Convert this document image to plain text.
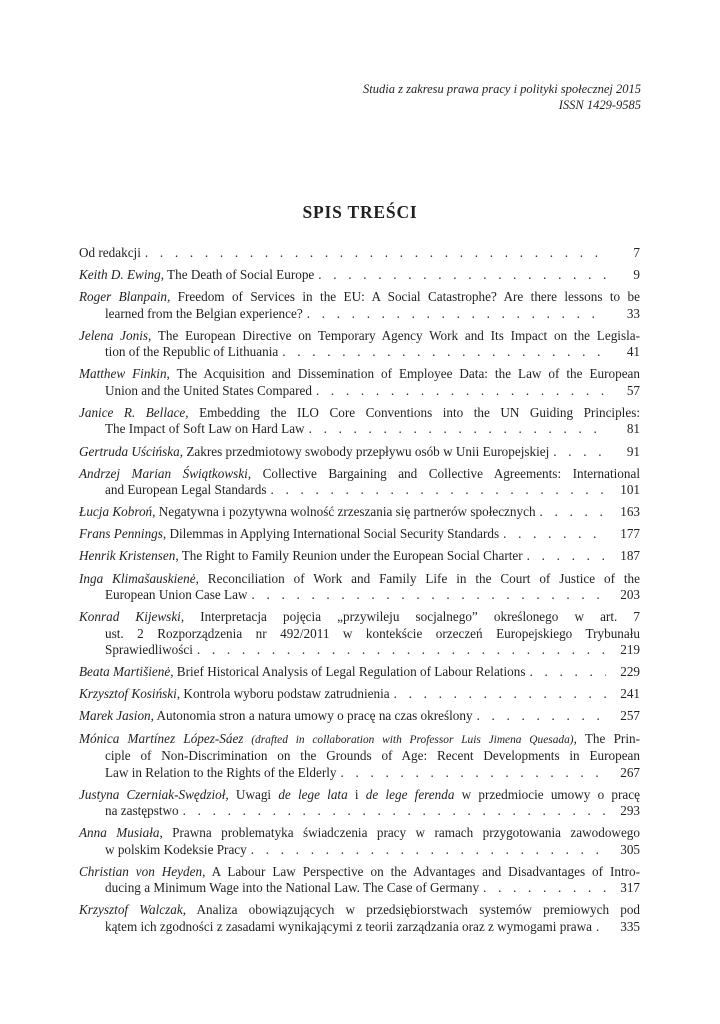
Studia z zakresu prawa pracy i polityki społecznej 2015
ISSN 1429-9585
SPIS TREŚCI
Od redakcji . . .	7
Keith D. Ewing, The Death of Social Europe . . .	9
Roger Blanpain, Freedom of Services in the EU: A Social Catastrophe? Are there lessons to be
learned from the Belgian experience? . . .	33
Jelena Jonis, The European Directive on Temporary Agency Work and Its Impact on the Legisla-
tion of the Republic of Lithuania . . .	41
Matthew Finkin, The Acquisition and Dissemination of Employee Data: the Law of the European
Union and the United States Compared . . .	57
Janice R. Bellace, Embedding the ILO Core Conventions into the UN Guiding Principles:
The Impact of Soft Law on Hard Law . . .	81
Gertruda Uścińska, Zakres przedmiotowy swobody przepływu osób w Unii Europejskiej . . .	91
Andrzej Marian Świątkowski, Collective Bargaining and Collective Agreements: International
and European Legal Standards . . .	101
Łucja Kobroń, Negatywna i pozytywna wolność zrzeszania się partnerów społecznych . . .	163
Frans Pennings, Dilemmas in Applying International Social Security Standards . . .	177
Henrik Kristensen, The Right to Family Reunion under the European Social Charter . . .	187
Inga Klimašauskienė, Reconciliation of Work and Family Life in the Court of Justice of the
European Union Case Law . . .	203
Konrad Kijewski, Interpretacja pojęcia „przywileju socjalnego” określonego w art. 7
ust. 2 Rozporządzenia nr 492/2011 w kontekście orzeczeń Europejskiego Trybunału
Sprawiedliwości . . .	219
Beata Martišienė, Brief Historical Analysis of Legal Regulation of Labour Relations . . .	229
Krzysztof Kosiński, Kontrola wyboru podstaw zatrudnienia . . .	241
Marek Jasion, Autonomia stron a natura umowy o pracę na czas określony . . .	257
Mónica Martínez López-Sáez (drafted in collaboration with Professor Luis Jimena Quesada), The Prin-
ciple of Non-Discrimination on the Grounds of Age: Recent Developments in European
Law in Relation to the Rights of the Elderly . . .	267
Justyna Czerniak-Swędzioł, Uwagi de lege lata i de lege ferenda w przedmiocie umowy o pracę
na zastępstwo . . .	293
Anna Musiała, Prawna problematyka świadczenia pracy w ramach przygotowania zawodowego
w polskim Kodeksie Pracy . . .	305
Christian von Heyden, A Labour Law Perspective on the Advantages and Disadvantages of Intro-
ducing a Minimum Wage into the National Law. The Case of Germany . . .	317
Krzysztof Walczak, Analiza obowiązujących w przedsiębiorstwach systemów premiowych pod
kątem ich zgodności z zasadami wynikającymi z teorii zarządzania oraz z wymogami prawa . . .	335
